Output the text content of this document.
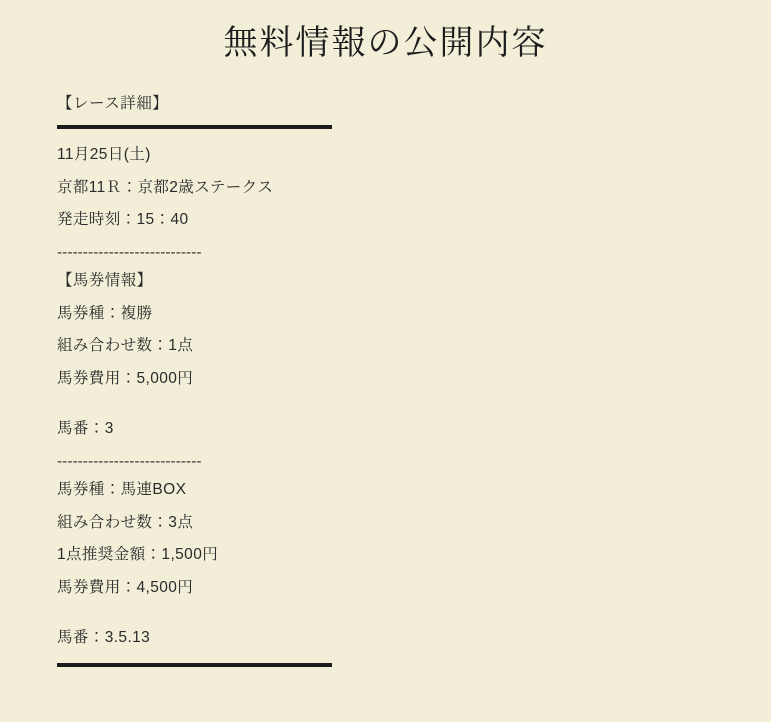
無料情報の公開内容

【レース詳細】

11月25日(土)

京都11Ｒ：京都2歳ステークス

発走時刻：15：40

----------------------------

【馬券情報】

馬券種：複勝

組み合わせ数：1点

馬券費用：5,000円

馬番：3

----------------------------

馬券種：馬連BOX

組み合わせ数：3点

1点推奨金額：1,500円

馬券費用：4,500円

馬番：3.5.13
